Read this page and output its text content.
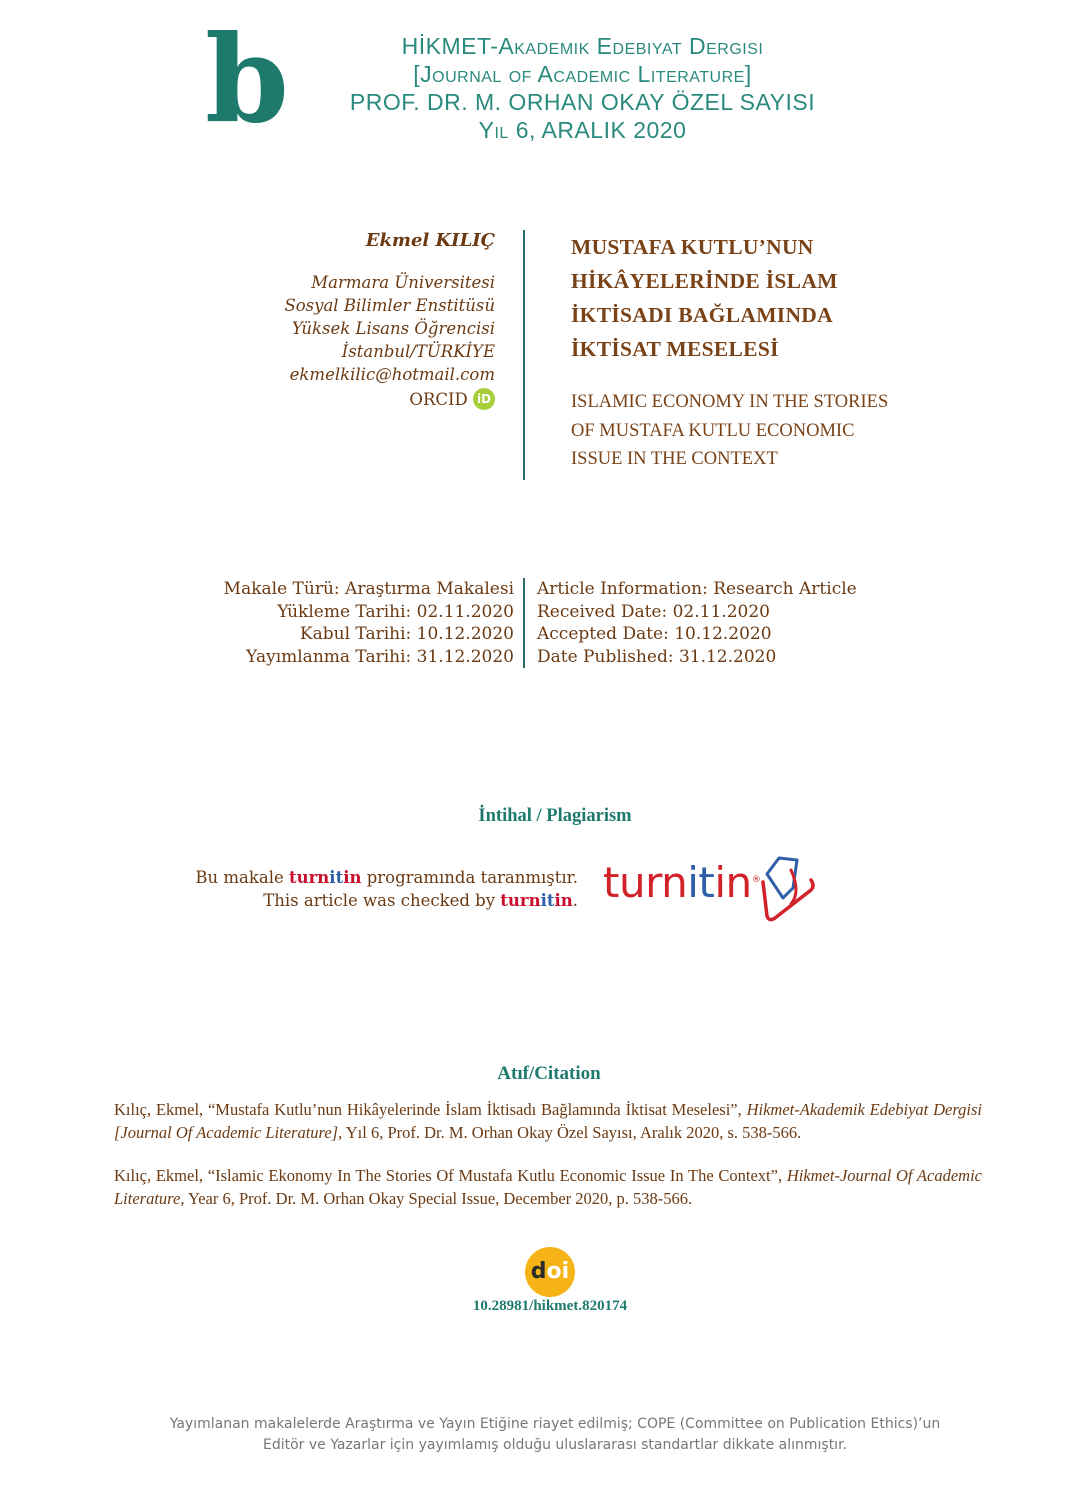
b	HİKMET-Akademik Edebiyat Dergisi
[Journal of Academic Literature]
PROF. DR. M. ORHAN OKAY ÖZEL SAYISI
Yıl 6, ARALIK 2020
Ekmel KILIÇ
Marmara Üniversitesi
Sosyal Bilimler Enstitüsü
Yüksek Lisans Öğrencisi
İstanbul/TÜRKİYE
ekmelkilic@hotmail.com
ORCID iD
MUSTAFA KUTLU’NUN
HİKÂYELERİNDE İSLAM
İKTİSADI BAĞLAMINDA
İKTİSAT MESELESİ
ISLAMIC ECONOMY IN THE STORIES
OF MUSTAFA KUTLU ECONOMIC
ISSUE IN THE CONTEXT
Makale Türü: Araştırma Makalesi
Yükleme Tarihi: 02.11.2020
Kabul Tarihi: 10.12.2020
Yayımlanma Tarihi: 31.12.2020
Article Information: Research Article
Received Date: 02.11.2020
Accepted Date: 10.12.2020
Date Published: 31.12.2020
İntihal / Plagiarism
Bu makale turnitin programında taranmıştır.
This article was checked by turnitin. turnitin®
Atıf/Citation

Kılıç, Ekmel, “Mustafa Kutlu’nun Hikâyelerinde İslam İktisadı Bağlamında İktisat Meselesi”, Hikmet-Akademik Edebiyat Dergisi [Journal Of Academic Literature], Yıl 6, Prof. Dr. M. Orhan Okay Özel Sayısı, Aralık 2020, s. 538-566.

Kılıç, Ekmel, “Islamic Ekonomy In The Stories Of Mustafa Kutlu Economic Issue In The Context”, Hikmet-Journal Of Academic Literature, Year 6, Prof. Dr. M. Orhan Okay Special Issue, December 2020, p. 538-566.

doi
10.28981/hikmet.820174
Yayımlanan makalelerde Araştırma ve Yayın Etiğine riayet edilmiş; COPE (Committee on Publication Ethics)’un
Editör ve Yazarlar için yayımlamış olduğu uluslararası standartlar dikkate alınmıştır.
